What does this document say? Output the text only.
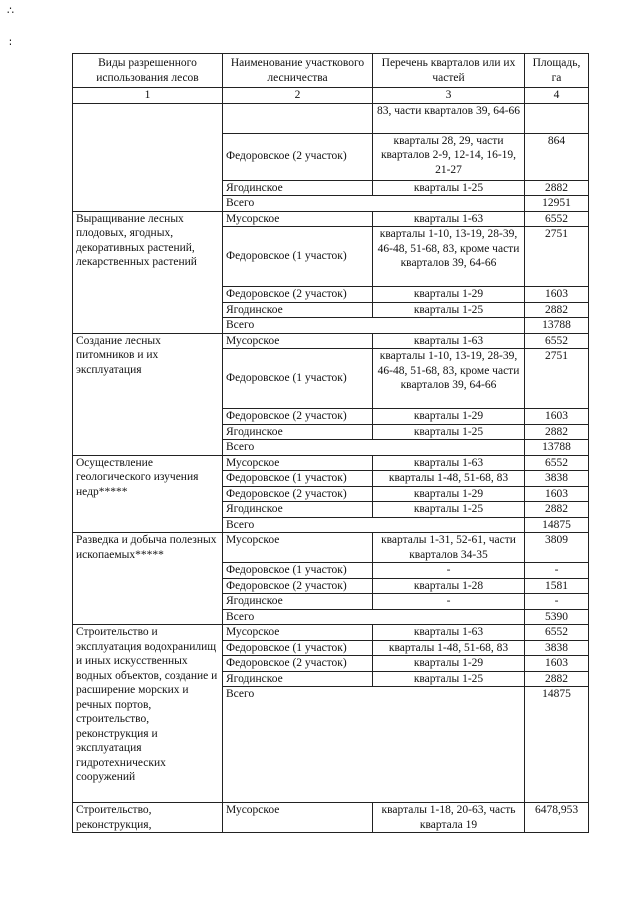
∴
∶
Виды разрешенного использования лесов	Наименование участкового лесничества	Перечень кварталов или их частей	Площадь, га
1	2	3	4
		83, части кварталов 39, 64-66	
	Федоровское (2 участок)	кварталы 28, 29, части кварталов 2-9, 12-14, 16-19, 21-27	864
	Ягодинское	кварталы 1-25	2882
	Всего		12951
Выращивание лесных плодовых, ягодных, декоративных растений, лекарственных растений	Мусорское	кварталы 1-63	6552
	Федоровское (1 участок)	кварталы 1-10, 13-19, 28-39, 46-48, 51-68, 83, кроме части кварталов 39, 64-66	2751
	Федоровское (2 участок)	кварталы 1-29	1603
	Ягодинское	кварталы 1-25	2882
	Всего		13788
Создание лесных питомников и их эксплуатация	Мусорское	кварталы 1-63	6552
	Федоровское (1 участок)	кварталы 1-10, 13-19, 28-39, 46-48, 51-68, 83, кроме части кварталов 39, 64-66	2751
	Федоровское (2 участок)	кварталы 1-29	1603
	Ягодинское	кварталы 1-25	2882
	Всего		13788
Осуществление геологического изучения недр*****	Мусорское	кварталы 1-63	6552
	Федоровское (1 участок)	кварталы 1-48, 51-68, 83	3838
	Федоровское (2 участок)	кварталы 1-29	1603
	Ягодинское	кварталы 1-25	2882
	Всего		14875
Разведка и добыча полезных ископаемых*****	Мусорское	кварталы 1-31, 52-61, части кварталов 34-35	3809
	Федоровское (1 участок)	-	-
	Федоровское (2 участок)	кварталы 1-28	1581
	Ягодинское	-	-
	Всего		5390
Строительство и эксплуатация водохранилищ и иных искусственных водных объектов, создание и расширение морских и речных портов, строительство, реконструкция и эксплуатация гидротехнических сооружений	Мусорское	кварталы 1-63	6552
	Федоровское (1 участок)	кварталы 1-48, 51-68, 83	3838
	Федоровское (2 участок)	кварталы 1-29	1603
	Ягодинское	кварталы 1-25	2882
	Всего		14875
Строительство, реконструкция,	Мусорское	кварталы 1-18, 20-63, часть квартала 19	6478,953
